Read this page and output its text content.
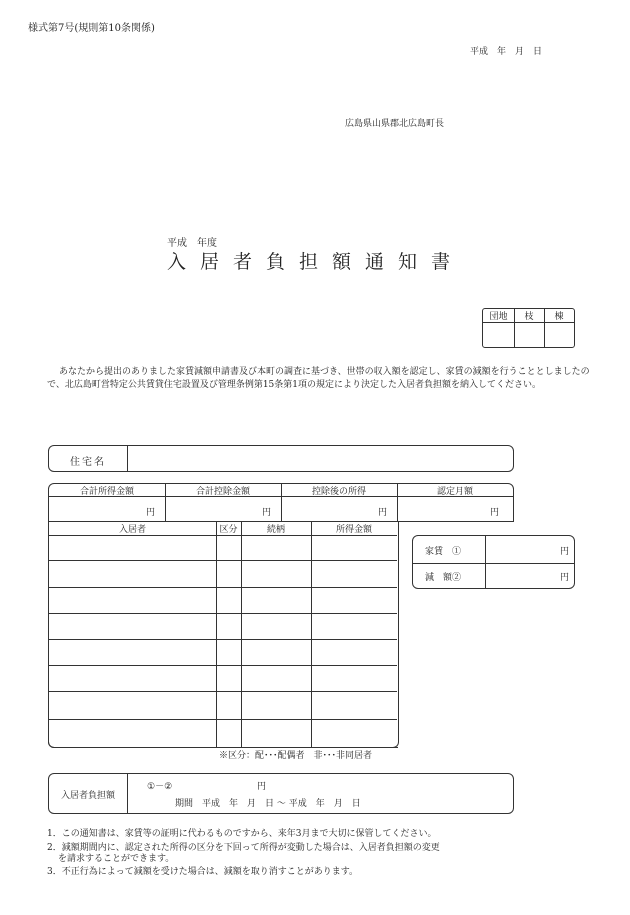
様式第7号(規則第10条関係)
平成　年　月　日
広島県山県郡北広島町長
平成　年度
入居者負担額通知書
団地	枝	棟
あなたから提出のありました家賃減額申請書及び本町の調査に基づき、世帯の収入額を認定し、家賃の減額を行うこととしましたので、北広島町営特定公共賃貸住宅設置及び管理条例第15条第1項の規定により決定した入居者負担額を納入してください。
住宅名
合計所得金額	合計控除金額	控除後の所得	認定月額
円	円	円	円
入居者	区分	続柄	所得金額
※区分：配･･･配偶者　非･･･非同居者
家賃　①	円
減　額②	円
入居者負担額
①－②	円
期間　平成　年　月　日 ～ 平成　年　月　日
1．この通知書は、家賃等の証明に代わるものですから、来年3月まで大切に保管してください。
2．減額期間内に、認定された所得の区分を下回って所得が変動した場合は、入居者負担額の変更
を請求することができます。
3．不正行為によって減額を受けた場合は、減額を取り消すことがあります。
